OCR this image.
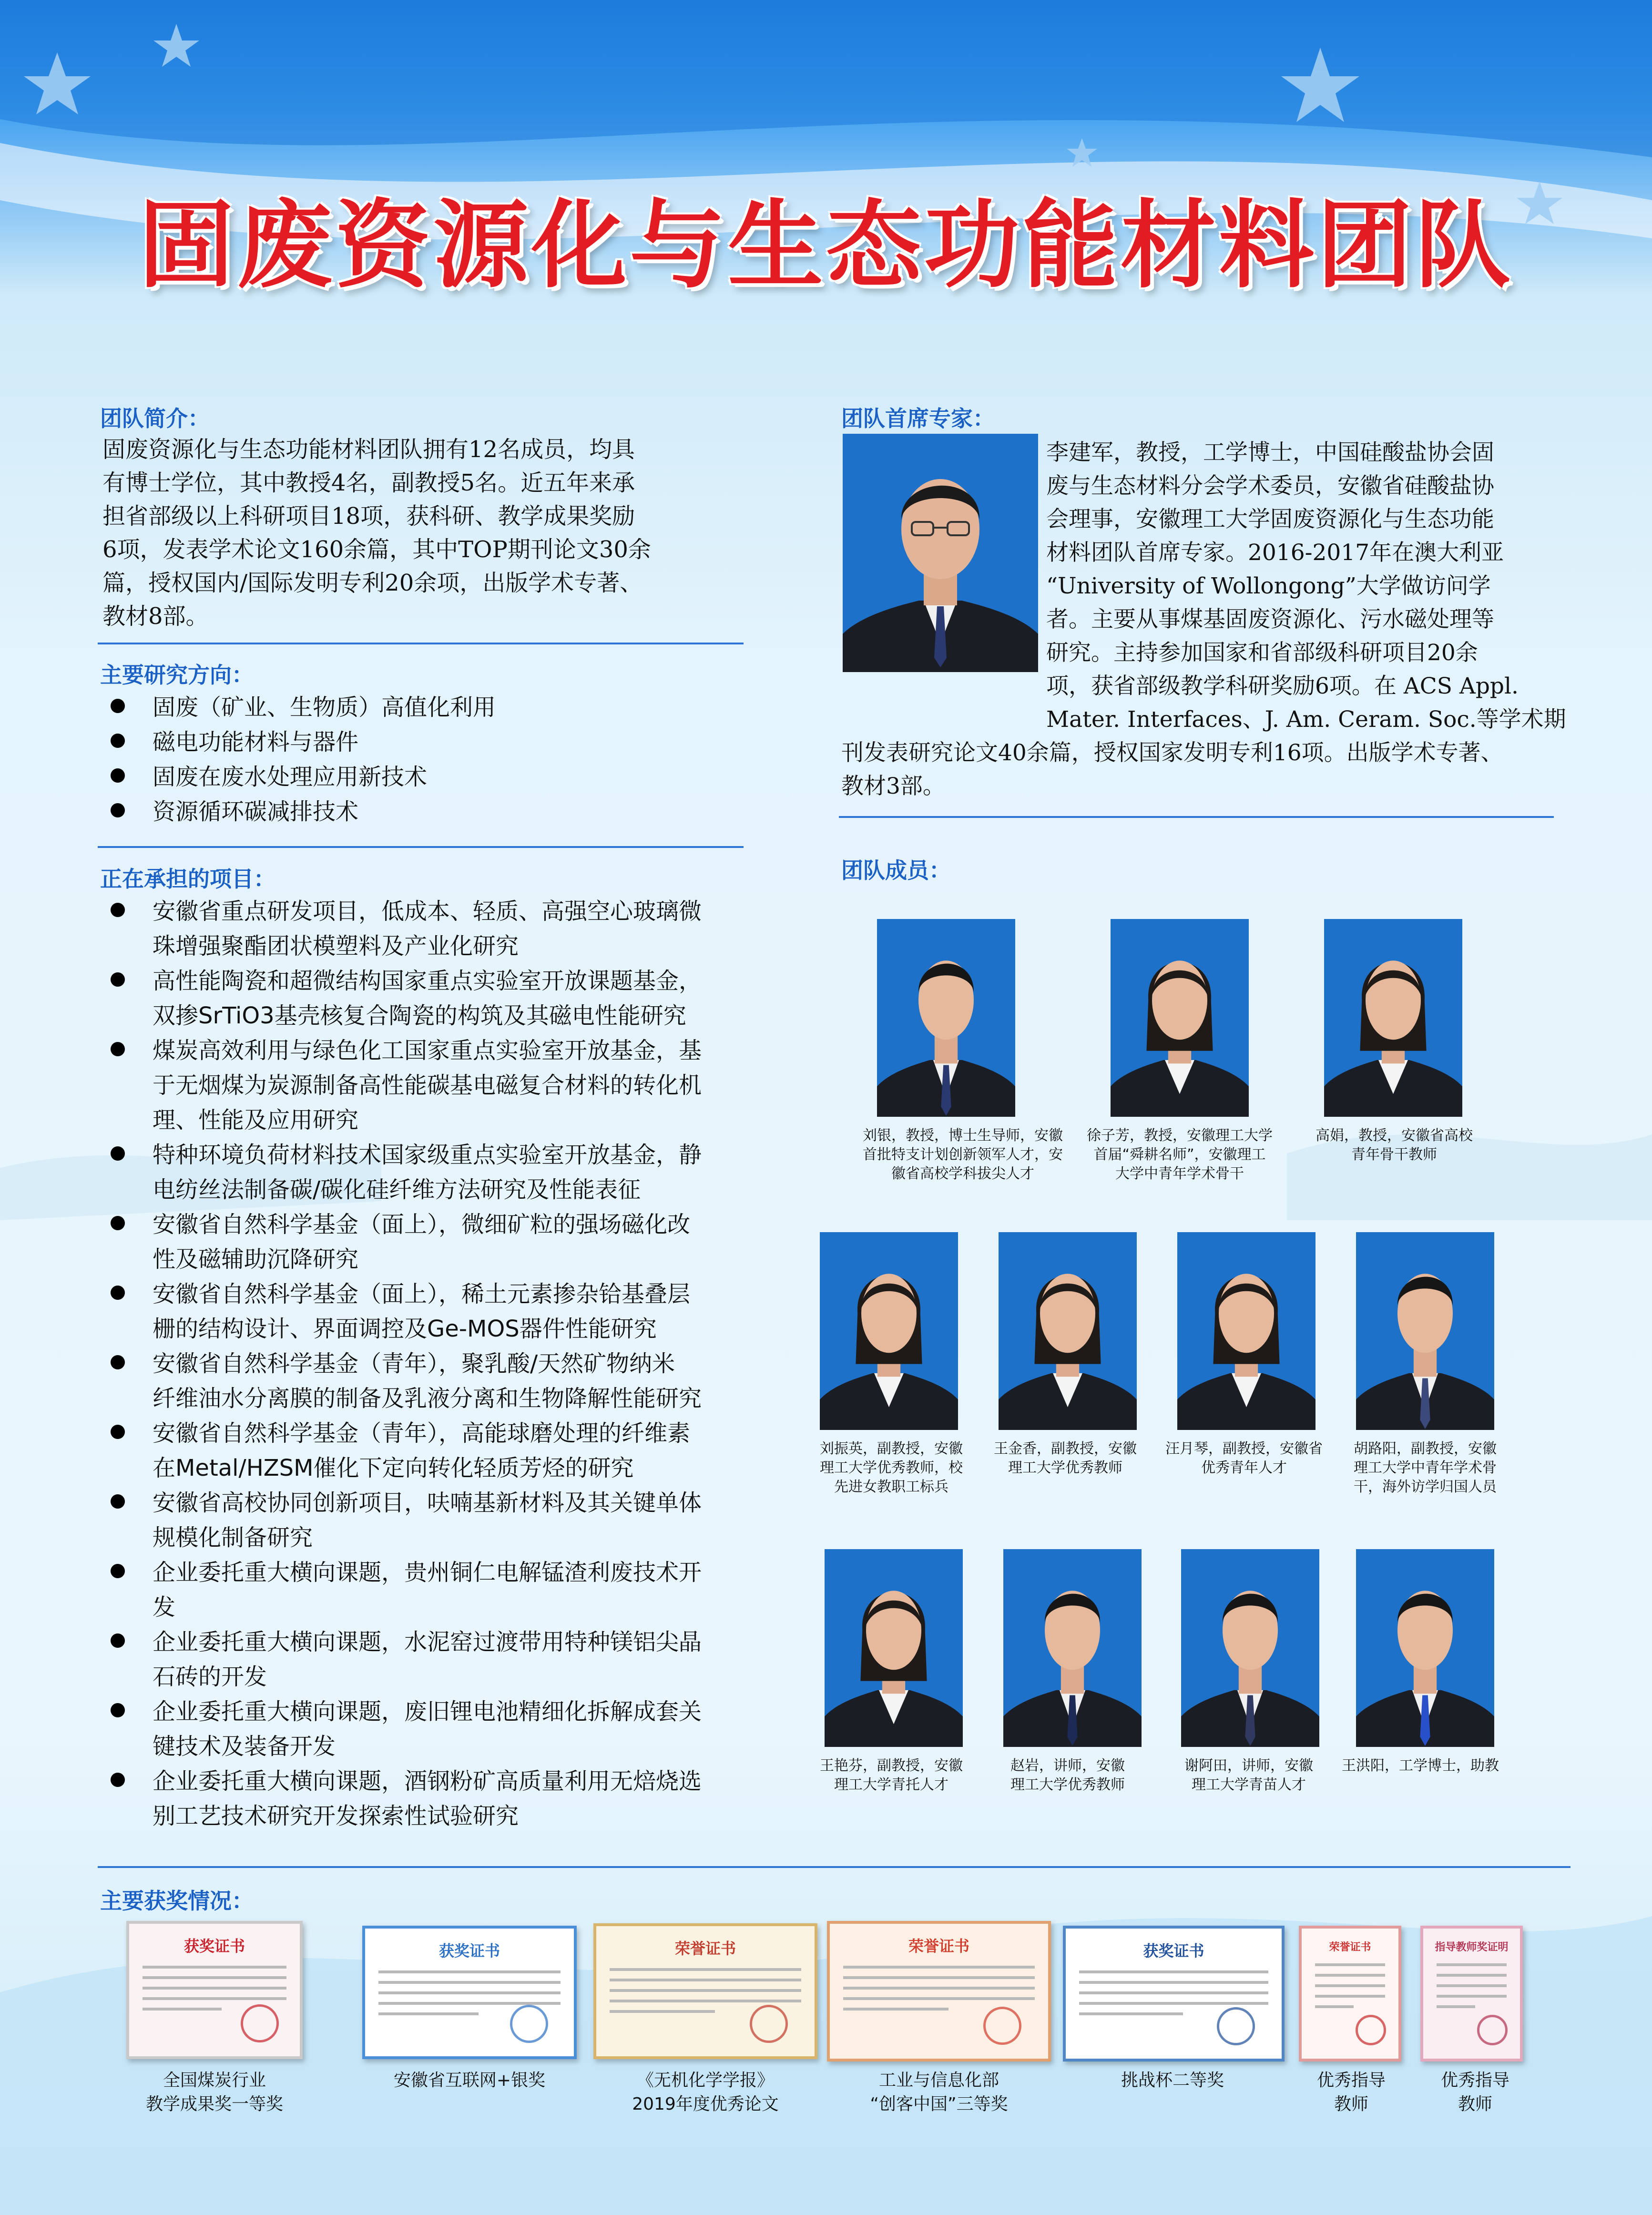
固废资源化与生态功能材料团队
团队简介：
固废资源化与生态功能材料团队拥有12名成员，均具
有博士学位，其中教授4名，副教授5名。近五年来承
担省部级以上科研项目18项，获科研、教学成果奖励
6项，发表学术论文160余篇，其中TOP期刊论文30余
篇，授权国内/国际发明专利20余项，出版学术专著、
教材8部。
主要研究方向：
固废（矿业、生物质）高值化利用
磁电功能材料与器件
固废在废水处理应用新技术
资源循环碳减排技术
正在承担的项目：
安徽省重点研发项目，低成本、轻质、高强空心玻璃微
珠增强聚酯团状模塑料及产业化研究
高性能陶瓷和超微结构国家重点实验室开放课题基金，
双掺SrTiO3基壳核复合陶瓷的构筑及其磁电性能研究
煤炭高效利用与绿色化工国家重点实验室开放基金，基
于无烟煤为炭源制备高性能碳基电磁复合材料的转化机
理、性能及应用研究
特种环境负荷材料技术国家级重点实验室开放基金，静
电纺丝法制备碳/碳化硅纤维方法研究及性能表征
安徽省自然科学基金（面上），微细矿粒的强场磁化改
性及磁辅助沉降研究
安徽省自然科学基金（面上），稀土元素掺杂铪基叠层
栅的结构设计、界面调控及Ge-MOS器件性能研究
安徽省自然科学基金（青年），聚乳酸/天然矿物纳米
纤维油水分离膜的制备及乳液分离和生物降解性能研究
安徽省自然科学基金（青年），高能球磨处理的纤维素
在Metal/HZSM催化下定向转化轻质芳烃的研究
安徽省高校协同创新项目，呋喃基新材料及其关键单体
规模化制备研究
企业委托重大横向课题，贵州铜仁电解锰渣利废技术开
发
企业委托重大横向课题，水泥窑过渡带用特种镁铝尖晶
石砖的开发
企业委托重大横向课题，废旧锂电池精细化拆解成套关
键技术及装备开发
企业委托重大横向课题，酒钢粉矿高质量利用无焙烧选
别工艺技术研究开发探索性试验研究
团队首席专家：
李建军，教授，工学博士，中国硅酸盐协会固
废与生态材料分会学术委员，安徽省硅酸盐协
会理事，安徽理工大学固废资源化与生态功能
材料团队首席专家。2016-2017年在澳大利亚
“University of Wollongong”大学做访问学
者。主要从事煤基固废资源化、污水磁处理等
研究。主持参加国家和省部级科研项目20余
项，获省部级教学科研奖励6项。在 ACS Appl.
Mater. Interfaces、J. Am. Ceram. Soc.等学术期
刊发表研究论文40余篇，授权国家发明专利16项。出版学术专著、
教材3部。
团队成员：
刘银，教授，博士生导师，安徽
首批特支计划创新领军人才，安
徽省高校学科拔尖人才
徐子芳，教授，安徽理工大学
首届“舜耕名师”，安徽理工
大学中青年学术骨干
高娟，教授，安徽省高校
青年骨干教师
刘振英，副教授，安徽
理工大学优秀教师，校
先进女教职工标兵
王金香，副教授，安徽
理工大学优秀教师
汪月琴，副教授，安徽省
优秀青年人才
胡路阳，副教授，安徽
理工大学中青年学术骨
干，海外访学归国人员
王艳芬，副教授，安徽
理工大学青托人才
赵岩，讲师，安徽
理工大学优秀教师
谢阿田，讲师，安徽
理工大学青苗人才
王洪阳，工学博士，助教
主要获奖情况：
获奖证书
全国煤炭行业
教学成果奖一等奖
获奖证书
安徽省互联网+银奖
荣誉证书
《无机化学学报》
2019年度优秀论文
荣誉证书
工业与信息化部
“创客中国”三等奖
获奖证书
挑战杯二等奖
荣誉证书
优秀指导
教师
指导教师奖证明
优秀指导
教师
